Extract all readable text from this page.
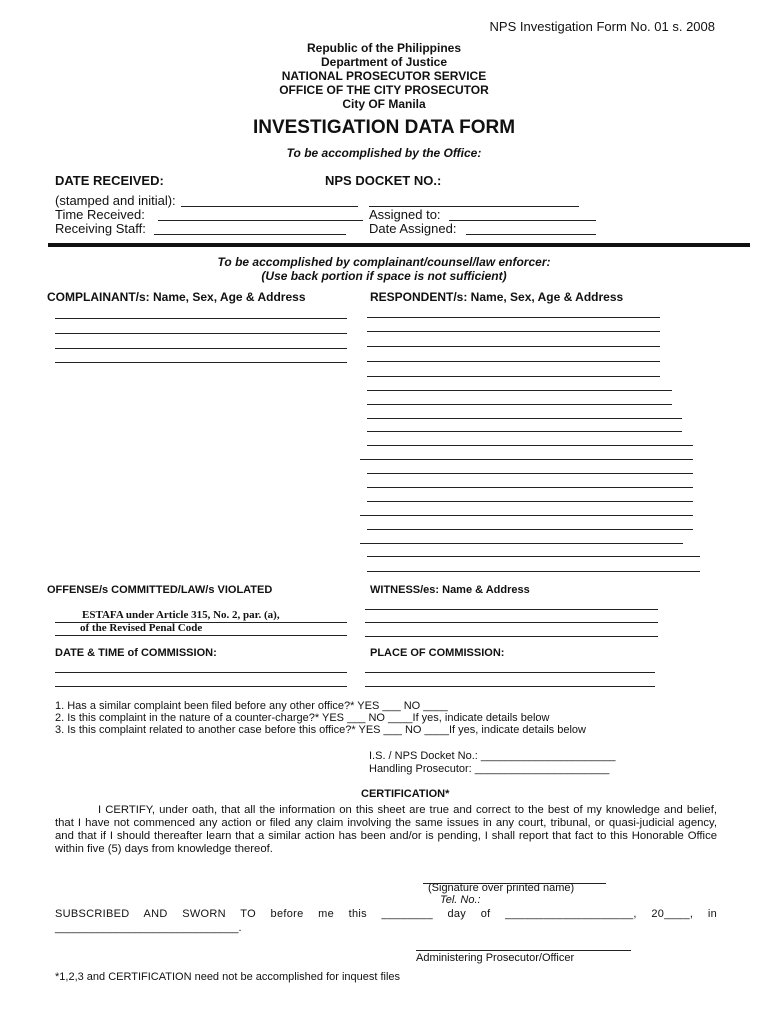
NPS Investigation Form No. 01 s. 2008
Republic of the Philippines
Department of Justice
NATIONAL PROSECUTOR SERVICE
OFFICE OF THE CITY PROSECUTOR
City OF Manila
INVESTIGATION DATA FORM
To be accomplished by the Office:
DATE RECEIVED:	NPS DOCKET NO.:
(stamped and initial):
Time Received:	Assigned to:
Receiving Staff:	Date Assigned:
To be accomplished by complainant/counsel/law enforcer:
(Use back portion if space is not sufficient)
COMPLAINANT/s: Name, Sex, Age & Address	RESPONDENT/s: Name, Sex, Age & Address
OFFENSE/s COMMITTED/LAW/s VIOLATED	WITNESS/es: Name & Address
ESTAFA under Article 315, No. 2, par. (a),
of the Revised Penal Code
DATE & TIME of COMMISSION:	PLACE OF COMMISSION:
1. Has a similar complaint been filed before any other office?* YES ___ NO ____
2. Is this complaint in the nature of a counter-charge?* YES ___ NO ____If yes, indicate details below
3. Is this complaint related to another case before this office?* YES ___ NO ____If yes, indicate details below
I.S. / NPS Docket No.: ______________________
Handling Prosecutor: ______________________
CERTIFICATION*
I CERTIFY, under oath, that all the information on this sheet are true and correct to the best of my knowledge and belief, that I have not commenced any action or filed any claim involving the same issues in any court, tribunal, or quasi-judicial agency, and that if I should thereafter learn that a similar action has been and/or is pending, I shall report that fact to this Honorable Office within five (5) days from knowledge thereof.
(Signature over printed name)
Tel. No.:
SUBSCRIBED AND SWORN TO before me this ________ day of ____________________, 20____, in
______________________________.
Administering Prosecutor/Officer
*1,2,3 and CERTIFICATION need not be accomplished for inquest files
